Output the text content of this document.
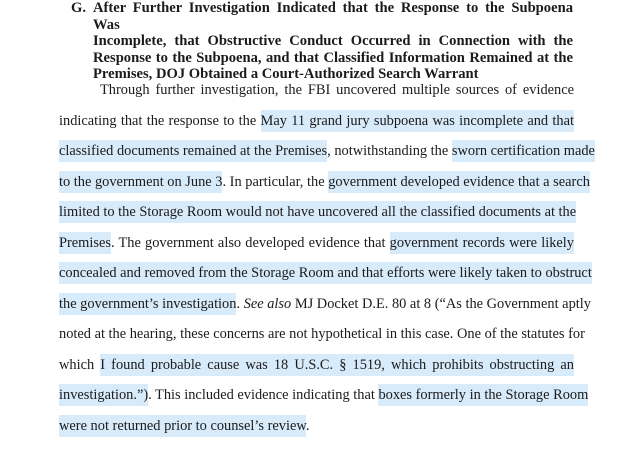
G. After Further Investigation Indicated that the Response to the Subpoena Was
Incomplete, that Obstructive Conduct Occurred in Connection with the
Response to the Subpoena, and that Classified Information Remained at the
Premises, DOJ Obtained a Court-Authorized Search Warrant
Through further investigation, the FBI uncovered multiple sources of evidence
indicating that the response to the May 11 grand jury subpoena was incomplete and that
classified documents remained at the Premises, notwithstanding the sworn certification made
to the government on June 3. In particular, the government developed evidence that a search
limited to the Storage Room would not have uncovered all the classified documents at the
Premises. The government also developed evidence that government records were likely
concealed and removed from the Storage Room and that efforts were likely taken to obstruct
the government’s investigation. See also MJ Docket D.E. 80 at 8 (“As the Government aptly
noted at the hearing, these concerns are not hypothetical in this case. One of the statutes for
which I found probable cause was 18 U.S.C. § 1519, which prohibits obstructing an
investigation.”). This included evidence indicating that boxes formerly in the Storage Room
were not returned prior to counsel’s review.
